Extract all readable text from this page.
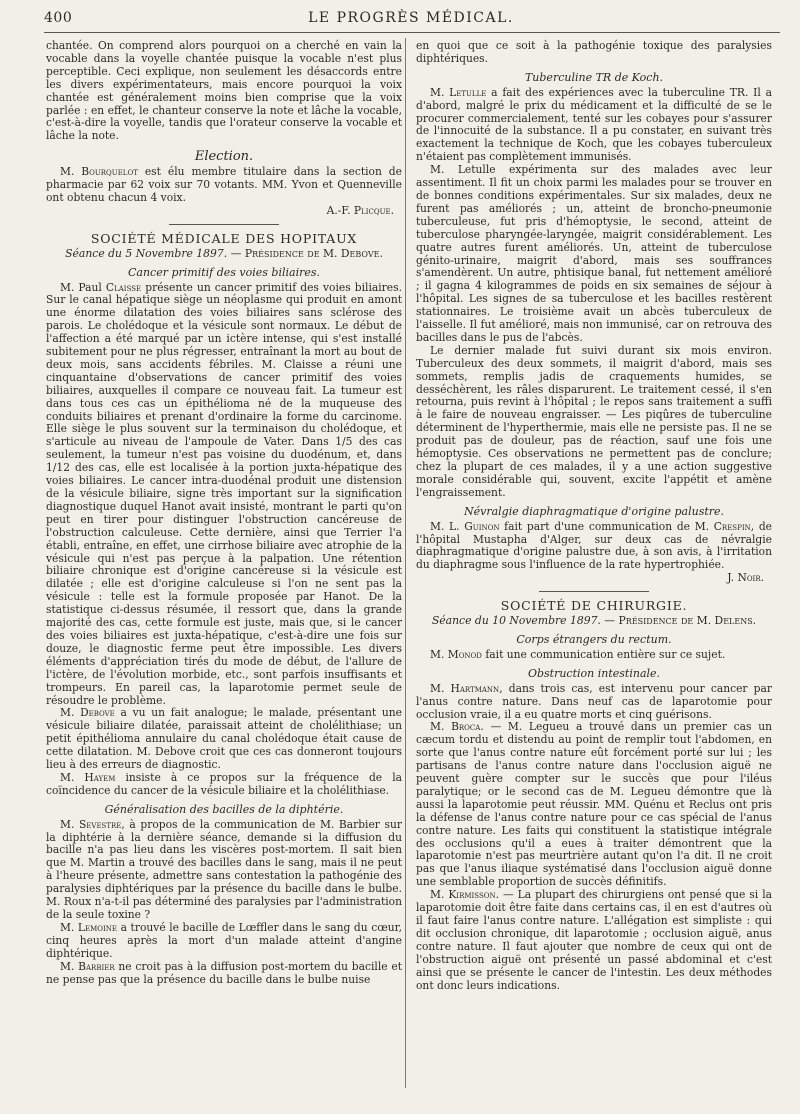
400	LE PROGRÈS MÉDICAL.

chantée. On comprend alors pourquoi on a cherché en vain la vocable dans la voyelle chantée puisque la vocable n'est plus perceptible. Ceci explique, non seulement les désaccords entre les divers expérimentateurs, mais encore pourquoi la voix chantée est généralement moins bien comprise que la voix parlée : en effet, le chanteur conserve la note et lâche la vocable, c'est-à-dire la voyelle, tandis que l'orateur conserve la vocable et lâche la note.

Election.

M. Bourquelot est élu membre titulaire dans la section de pharmacie par 62 voix sur 70 votants. MM. Yvon et Quenneville ont obtenu chacun 4 voix.

A.-F. Plicque.
SOCIÉTÉ MÉDICALE DES HOPITAUX
Séance du 5 Novembre 1897. — Présidence de M. Debove.
Cancer primitif des voies biliaires.

M. Paul Claisse présente un cancer primitif des voies biliaires. Sur le canal hépatique siège un néoplasme qui produit en amont une énorme dilatation des voies biliaires sans sclérose des parois. Le cholédoque et la vésicule sont normaux. Le début de l'affection a été marqué par un ictère intense, qui s'est installé subitement pour ne plus régresser, entraînant la mort au bout de deux mois, sans accidents fébriles. M. Claisse a réuni une cinquantaine d'observations de cancer primitif des voies biliaires, auxquelles il compare ce nouveau fait. La tumeur est dans tous ces cas un épithélioma né de la muqueuse des conduits biliaires et prenant d'ordinaire la forme du carcinome. Elle siège le plus souvent sur la terminaison du cholédoque, et s'articule au niveau de l'ampoule de Vater. Dans 1/5 des cas seulement, la tumeur n'est pas voisine du duodénum, et, dans 1/12 des cas, elle est localisée à la portion juxta-hépatique des voies biliaires. Le cancer intra-duodénal produit une distension de la vésicule biliaire, signe très important sur la signification diagnostique duquel Hanot avait insisté, montrant le parti qu'on peut en tirer pour distinguer l'obstruction cancéreuse de l'obstruction calculeuse. Cette dernière, ainsi que Terrier l'a établi, entraîne, en effet, une cirrhose biliaire avec atrophie de la vésicule qui n'est pas perçue à la palpation. Une rétention biliaire chronique est d'origine cancéreuse si la vésicule est dilatée ; elle est d'origine calculeuse si l'on ne sent pas la vésicule : telle est la formule proposée par Hanot. De la statistique ci-dessus résumée, il ressort que, dans la grande majorité des cas, cette formule est juste, mais que, si le cancer des voies biliaires est juxta-hépatique, c'est-à-dire une fois sur douze, le diagnostic ferme peut être impossible. Les divers éléments d'appréciation tirés du mode de début, de l'allure de l'ictère, de l'évolution morbide, etc., sont parfois insuffisants et trompeurs. En pareil cas, la laparotomie permet seule de résoudre le problème.

M. Debove a vu un fait analogue; le malade, présentant une vésicule biliaire dilatée, paraissait atteint de cholélithiase; un petit épithélioma annulaire du canal cholédoque était cause de cette dilatation. M. Debove croit que ces cas donneront toujours lieu à des erreurs de diagnostic.

M. Hayem insiste à ce propos sur la fréquence de la coïncidence du cancer de la vésicule biliaire et la cholélithiase.

Généralisation des bacilles de la diphtérie.

M. Sevestre, à propos de la communication de M. Barbier sur la diphtérie à la dernière séance, demande si la diffusion du bacille n'a pas lieu dans les viscères post-mortem. Il sait bien que M. Martin a trouvé des bacilles dans le sang, mais il ne peut à l'heure présente, admettre sans contestation la pathogénie des paralysies diphtériques par la présence du bacille dans le bulbe. M. Roux n'a-t-il pas déterminé des paralysies par l'administration de la seule toxine ?

M. Lemoine a trouvé le bacille de Lœffler dans le sang du cœur, cinq heures après la mort d'un malade atteint d'angine diphtérique.

M. Barbier ne croit pas à la diffusion post-mortem du bacille et ne pense pas que la présence du bacille dans le bulbe nuise

en quoi que ce soit à la pathogénie toxique des paralysies diphtériques.

Tuberculine TR de Koch.

M. Letulle a fait des expériences avec la tuberculine TR. Il a d'abord, malgré le prix du médicament et la difficulté de se le procurer commercialement, tenté sur les cobayes pour s'assurer de l'innocuité de la substance. Il a pu constater, en suivant très exactement la technique de Koch, que les cobayes tuberculeux n'étaient pas complètement immunisés.

M. Letulle expérimenta sur des malades avec leur assentiment. Il fit un choix parmi les malades pour se trouver en de bonnes conditions expérimentales. Sur six malades, deux ne furent pas améliorés ; un, atteint de broncho-pneumonie tuberculeuse, fut pris d'hémoptysie, le second, atteint de tuberculose pharyngée-laryngée, maigrit considérablement. Les quatre autres furent améliorés. Un, atteint de tuberculose génito-urinaire, maigrit d'abord, mais ses souffrances s'amendèrent. Un autre, phtisique banal, fut nettement amélioré ; il gagna 4 kilogrammes de poids en six semaines de séjour à l'hôpital. Les signes de sa tuberculose et les bacilles restèrent stationnaires. Le troisième avait un abcès tuberculeux de l'aisselle. Il fut amélioré, mais non immunisé, car on retrouva des bacilles dans le pus de l'abcès.

Le dernier malade fut suivi durant six mois environ. Tuberculeux des deux sommets, il maigrit d'abord, mais ses sommets, remplis jadis de craquements humides, se desséchèrent, les râles disparurent. Le traitement cessé, il s'en retourna, puis revint à l'hôpital ; le repos sans traitement a suffi à le faire de nouveau engraisser. — Les piqûres de tuberculine déterminent de l'hyperthermie, mais elle ne persiste pas. Il ne se produit pas de douleur, pas de réaction, sauf une fois une hémoptysie. Ces observations ne permettent pas de conclure; chez la plupart de ces malades, il y a une action suggestive morale considérable qui, souvent, excite l'appétit et amène l'engraissement.

Névralgie diaphragmatique d'origine palustre.

M. L. Guinon fait part d'une communication de M. Crespin, de l'hôpital Mustapha d'Alger, sur deux cas de névralgie diaphragmatique d'origine palustre due, à son avis, à l'irritation du diaphragme sous l'influence de la rate hypertrophiée.

J. Noir.
SOCIÉTÉ DE CHIRURGIE.
Séance du 10 Novembre 1897. — Présidence de M. Delens.
Corps étrangers du rectum.

M. Monod fait une communication entière sur ce sujet.

Obstruction intestinale.

M. Hartmann, dans trois cas, est intervenu pour cancer par l'anus contre nature. Dans neuf cas de laparotomie pour occlusion vraie, il a eu quatre morts et cinq guérisons.

M. Broca. — M. Legueu a trouvé dans un premier cas un cæcum tordu et distendu au point de remplir tout l'abdomen, en sorte que l'anus contre nature eût forcément porté sur lui ; les partisans de l'anus contre nature dans l'occlusion aiguë ne peuvent guère compter sur le succès que pour l'iléus paralytique; or le second cas de M. Legueu démontre que là aussi la laparotomie peut réussir. MM. Quénu et Reclus ont pris la défense de l'anus contre nature pour ce cas spécial de l'anus contre nature. Les faits qui constituent la statistique intégrale des occlusions qu'il a eues à traiter démontrent que la laparotomie n'est pas meurtrière autant qu'on l'a dit. Il ne croit pas que l'anus iliaque systématisé dans l'occlusion aiguë donne une semblable proportion de succès définitifs.

M. Kirmisson. — La plupart des chirurgiens ont pensé que si la laparotomie doit être faite dans certains cas, il en est d'autres où il faut faire l'anus contre nature. L'allégation est simpliste : qui dit occlusion chronique, dit laparotomie ; occlusion aiguë, anus contre nature. Il faut ajouter que nombre de ceux qui ont de l'obstruction aiguë ont présenté un passé abdominal et c'est ainsi que se présente le cancer de l'intestin. Les deux méthodes ont donc leurs indications.
